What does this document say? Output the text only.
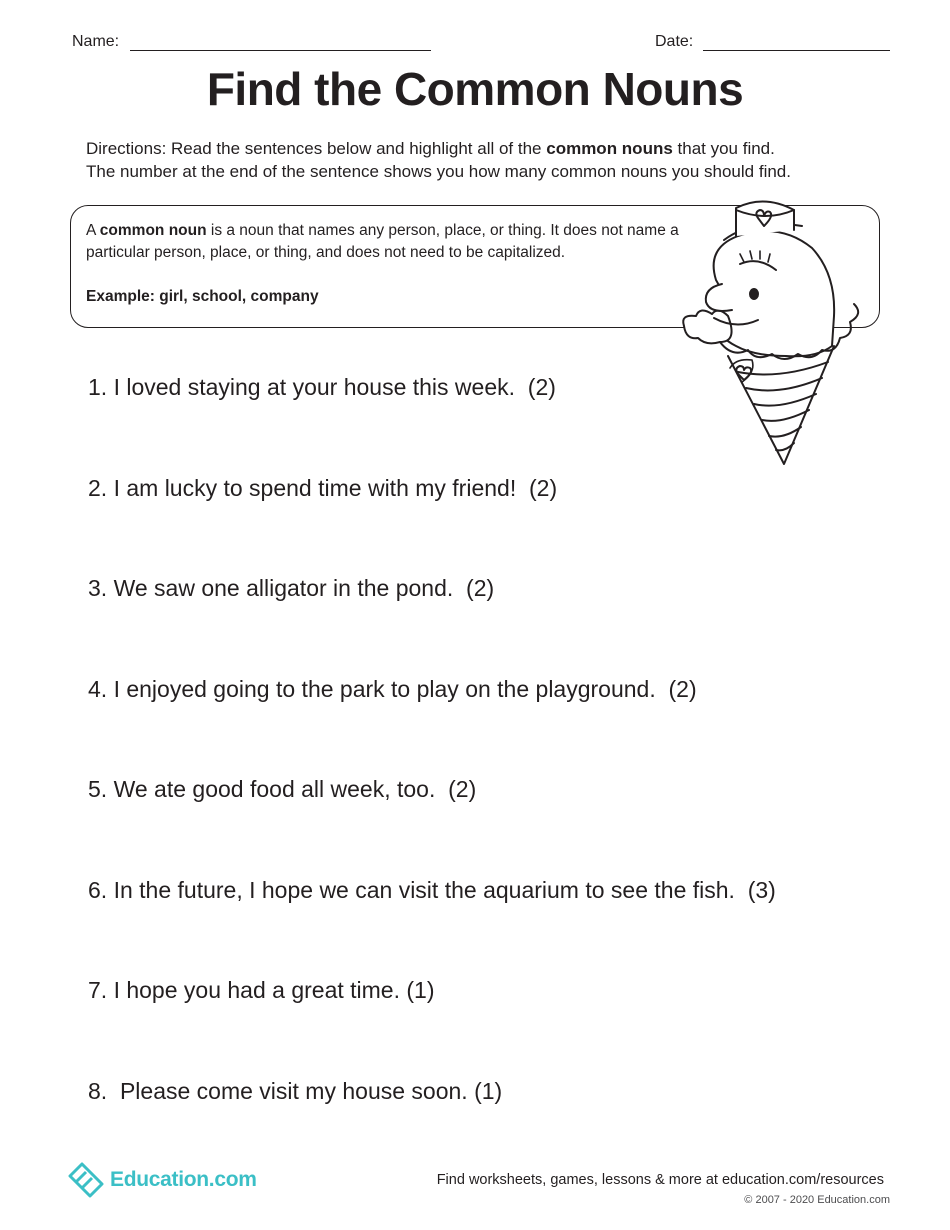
Name:	Date:
Find the Common Nouns

Directions: Read the sentences below and highlight all of the common nouns that you find.

The number at the end of the sentence shows you how many common nouns you should find.

A common noun is a noun that names any person, place, or thing. It does not name a particular person, place, or thing, and does not need to be capitalized.

Example: girl, school, company
1. I loved staying at your house this week.  (2)
2. I am lucky to spend time with my friend!  (2)
3. We saw one alligator in the pond.  (2)
4. I enjoyed going to the park to play on the playground.  (2)
5. We ate good food all week, too.  (2)
6. In the future, I hope we can visit the aquarium to see the fish.  (3)
7. I hope you had a great time. (1)
8.  Please come visit my house soon. (1)
Education.com	Find worksheets, games, lessons & more at education.com/resources
© 2007 - 2020 Education.com
